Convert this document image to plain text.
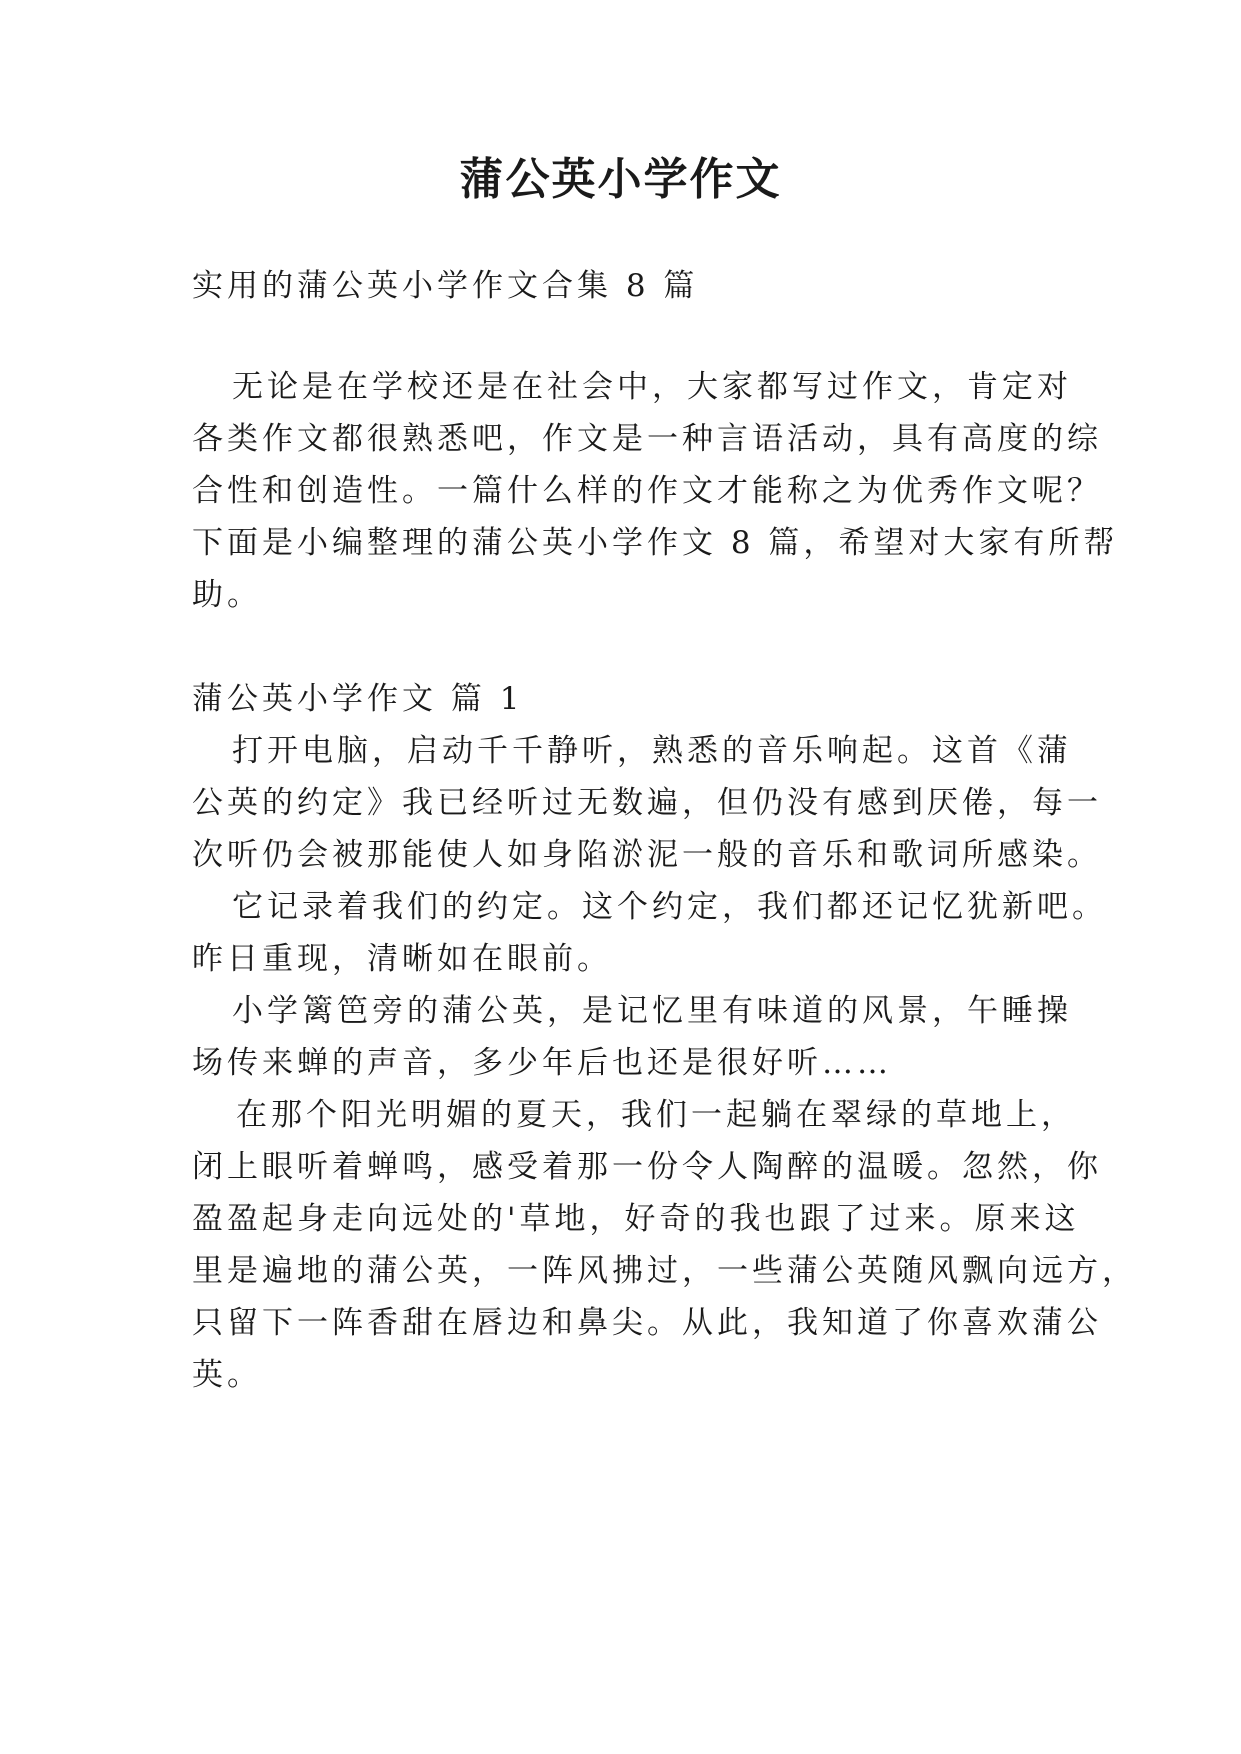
蒲公英小学作文
实用的蒲公英小学作文合集 8 篇
无论是在学校还是在社会中，大家都写过作文，肯定对
各类作文都很熟悉吧，作文是一种言语活动，具有高度的综
合性和创造性。一篇什么样的作文才能称之为优秀作文呢？
下面是小编整理的蒲公英小学作文 8 篇，希望对大家有所帮
助。
蒲公英小学作文 篇 1
打开电脑，启动千千静听，熟悉的音乐响起。这首《蒲
公英的约定》我已经听过无数遍，但仍没有感到厌倦，每一
次听仍会被那能使人如身陷淤泥一般的音乐和歌词所感染。
它记录着我们的约定。这个约定，我们都还记忆犹新吧。
昨日重现，清晰如在眼前。
小学篱笆旁的蒲公英，是记忆里有味道的风景，午睡操
场传来蝉的声音，多少年后也还是很好听……
在那个阳光明媚的夏天，我们一起躺在翠绿的草地上，
闭上眼听着蝉鸣，感受着那一份令人陶醉的温暖。忽然，你
盈盈起身走向远处的'草地，好奇的我也跟了过来。原来这
里是遍地的蒲公英，一阵风拂过，一些蒲公英随风飘向远方，
只留下一阵香甜在唇边和鼻尖。从此，我知道了你喜欢蒲公
英。
